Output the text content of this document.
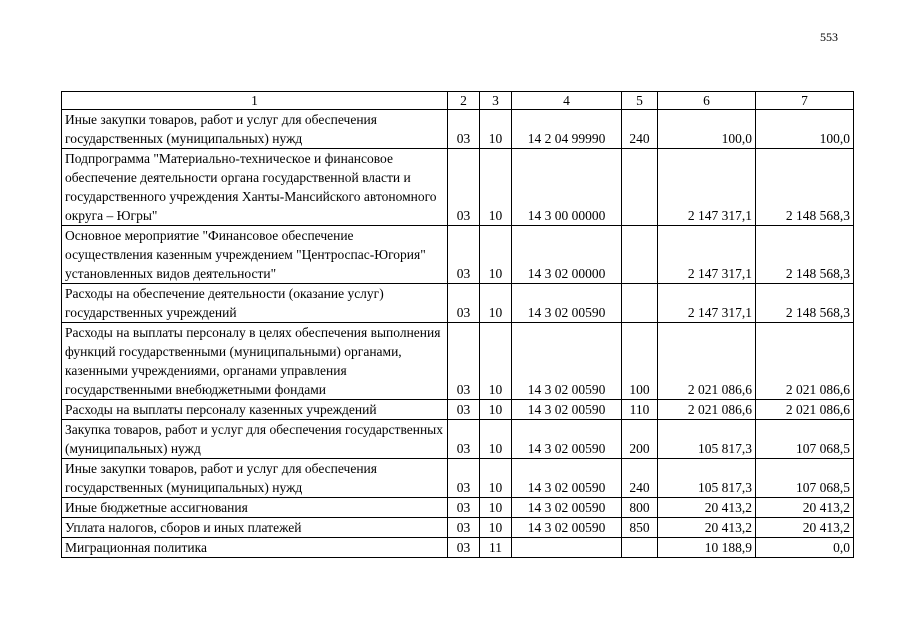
553
1	2	3	4	5	6	7
Иные закупки товаров, работ и услуг для обеспечения государственных (муниципальных) нужд	03	10	14 2 04 99990	240	100,0	100,0
Подпрограмма "Материально-техническое и финансовое обеспечение деятельности органа государственной власти и государственного учреждения Ханты-Мансийского автономного округа – Югры"	03	10	14 3 00 00000		2 147 317,1	2 148 568,3
Основное мероприятие "Финансовое обеспечение осуществления казенным учреждением "Центроспас-Югория" установленных видов деятельности"	03	10	14 3 02 00000		2 147 317,1	2 148 568,3
Расходы на обеспечение деятельности (оказание услуг) государственных учреждений	03	10	14 3 02 00590		2 147 317,1	2 148 568,3
Расходы на выплаты персоналу в целях обеспечения выполнения функций государственными (муниципальными) органами, казенными учреждениями, органами управления государственными внебюджетными фондами	03	10	14 3 02 00590	100	2 021 086,6	2 021 086,6
Расходы на выплаты персоналу казенных учреждений	03	10	14 3 02 00590	110	2 021 086,6	2 021 086,6
Закупка товаров, работ и услуг для обеспечения государственных (муниципальных) нужд	03	10	14 3 02 00590	200	105 817,3	107 068,5
Иные закупки товаров, работ и услуг для обеспечения государственных (муниципальных) нужд	03	10	14 3 02 00590	240	105 817,3	107 068,5
Иные бюджетные ассигнования	03	10	14 3 02 00590	800	20 413,2	20 413,2
Уплата налогов, сборов и иных платежей	03	10	14 3 02 00590	850	20 413,2	20 413,2
Миграционная политика	03	11			10 188,9	0,0
